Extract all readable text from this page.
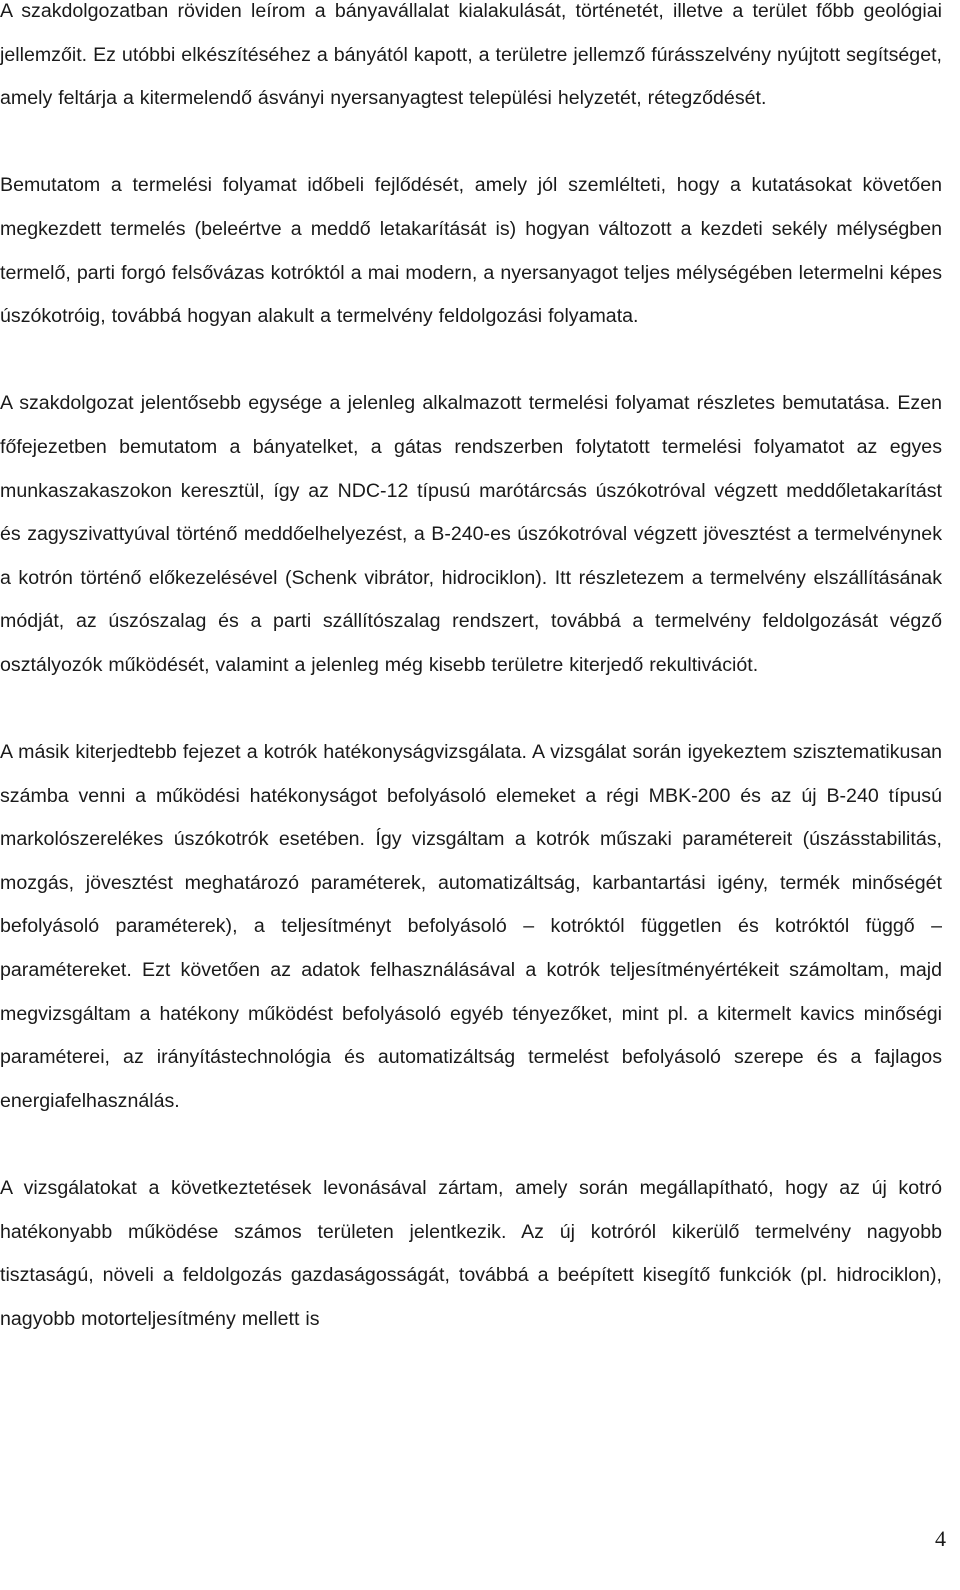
A szakdolgozatban röviden leírom a bányavállalat kialakulását, történetét, illetve a terület főbb geológiai jellemzőit. Ez utóbbi elkészítéséhez a bányától kapott, a területre jellemző fúrásszelvény nyújtott segítséget, amely feltárja a kitermelendő ásványi nyersanyagtest települési helyzetét, rétegződését.

Bemutatom a termelési folyamat időbeli fejlődését, amely jól szemlélteti, hogy a kutatásokat követően megkezdett termelés (beleértve a meddő letakarítását is) hogyan változott a kezdeti sekély mélységben termelő, parti forgó felsővázas kotróktól a mai modern, a nyersanyagot teljes mélységében letermelni képes úszókotróig, továbbá hogyan alakult a termelvény feldolgozási folyamata.

A szakdolgozat jelentősebb egysége a jelenleg alkalmazott termelési folyamat részletes bemutatása. Ezen főfejezetben bemutatom a bányatelket, a gátas rendszerben folytatott termelési folyamatot az egyes munkaszakaszokon keresztül, így az NDC-12 típusú marótárcsás úszókotróval végzett meddőletakarítást és zagyszivattyúval történő meddőelhelyezést, a B-240-es úszókotróval végzett jövesztést a termelvénynek a kotrón történő előkezelésével (Schenk vibrátor, hidrociklon). Itt részletezem a termelvény elszállításának módját, az úszószalag és a parti szállítószalag rendszert, továbbá a termelvény feldolgozását végző osztályozók működését, valamint a jelenleg még kisebb területre kiterjedő rekultivációt.

A másik kiterjedtebb fejezet a kotrók hatékonyságvizsgálata. A vizsgálat során igyekeztem szisztematikusan számba venni a működési hatékonyságot befolyásoló elemeket a régi MBK-200 és az új B-240 típusú markolószerelékes úszókotrók esetében. Így vizsgáltam a kotrók műszaki paramétereit (úszásstabilitás, mozgás, jövesztést meghatározó paraméterek, automatizáltság, karbantartási igény, termék minőségét befolyásoló paraméterek), a teljesítményt befolyásoló – kotróktól független és kotróktól függő – paramétereket. Ezt követően az adatok felhasználásával a kotrók teljesítményértékeit számoltam, majd megvizsgáltam a hatékony működést befolyásoló egyéb tényezőket, mint pl. a kitermelt kavics minőségi paraméterei, az irányítástechnológia és automatizáltság termelést befolyásoló szerepe és a fajlagos energiafelhasználás.

A vizsgálatokat a következtetések levonásával zártam, amely során megállapítható, hogy az új kotró hatékonyabb működése számos területen jelentkezik. Az új kotróról kikerülő termelvény nagyobb tisztaságú, növeli a feldolgozás gazdaságosságát, továbbá a beépített kisegítő funkciók (pl. hidrociklon), nagyobb motorteljesítmény mellett is

4
